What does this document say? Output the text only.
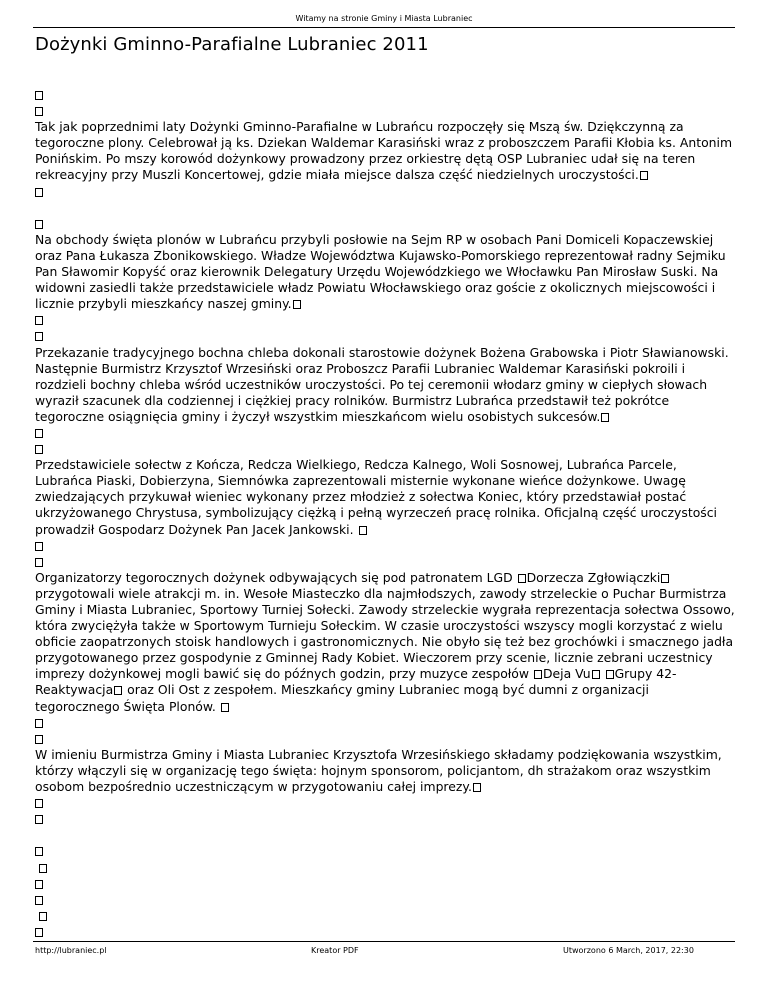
Witamy na stronie Gminy i Miasta Lubraniec
Dożynki Gminno-Parafialne Lubraniec 2011
Tak jak poprzednimi laty Dożynki Gminno-Parafialne w Lubrańcu rozpoczęły się Mszą św. Dziękczynną za tegoroczne plony. Celebrował ją ks. Dziekan Waldemar Karasiński wraz z proboszczem Parafii Kłobia ks. Antonim Ponińskim. Po mszy korowód dożynkowy prowadzony przez orkiestrę dętą OSP Lubraniec udał się na teren rekreacyjny przy Muszli Koncertowej, gdzie miała miejsce dalsza część niedzielnych uroczystości.
Na obchody święta plonów w Lubrańcu przybyli posłowie na Sejm RP w osobach Pani Domiceli Kopaczewskiej oraz Pana Łukasza Zbonikowskiego. Władze Województwa Kujawsko-Pomorskiego reprezentował radny Sejmiku Pan Sławomir Kopyść oraz kierownik Delegatury Urzędu Wojewódzkiego we Włocławku Pan Mirosław Suski. Na widowni zasiedli także przedstawiciele władz Powiatu Włocławskiego oraz goście z okolicznych miejscowości i licznie przybyli mieszkańcy naszej gminy.
Przekazanie tradycyjnego bochna chleba dokonali starostowie dożynek Bożena Grabowska i Piotr Sławianowski. Następnie Burmistrz Krzysztof Wrzesiński oraz Proboszcz Parafii Lubraniec Waldemar Karasiński pokroili i rozdzieli bochny chleba wśród uczestników uroczystości. Po tej ceremonii włodarz gminy w ciepłych słowach wyraził szacunek dla codziennej i ciężkiej pracy rolników. Burmistrz Lubrańca przedstawił też pokrótce tegoroczne osiągnięcia gminy i życzył wszystkim mieszkańcom wielu osobistych sukcesów.
Przedstawiciele sołectw z Kończa, Redcza Wielkiego, Redcza Kalnego, Woli Sosnowej, Lubrańca Parcele, Lubrańca Piaski, Dobierzyna, Siemnówka zaprezentowali misternie wykonane wieńce dożynkowe. Uwagę zwiedzających przykuwał wieniec wykonany przez młodzież z sołectwa Koniec, który przedstawiał postać ukrzyżowanego Chrystusa, symbolizujący ciężką i pełną wyrzeczeń pracę rolnika. Oficjalną część uroczystości prowadził Gospodarz Dożynek Pan Jacek Jankowski.
Organizatorzy tegorocznych dożynek odbywających się pod patronatem LGD Dorzecza Zgłowiączki przygotowali wiele atrakcji m. in. Wesołe Miasteczko dla najmłodszych, zawody strzeleckie o Puchar Burmistrza Gminy i Miasta Lubraniec, Sportowy Turniej Sołecki. Zawody strzeleckie wygrała reprezentacja sołectwa Ossowo, która zwyciężyła także w Sportowym Turnieju Sołeckim. W czasie uroczystości wszyscy mogli korzystać z wielu obficie zaopatrzonych stoisk handlowych i gastronomicznych. Nie obyło się też bez grochówki i smacznego jadła przygotowanego przez gospodynie z Gminnej Rady Kobiet. Wieczorem przy scenie, licznie zebrani uczestnicy imprezy dożynkowej mogli bawić się do późnych godzin, przy muzyce zespołów Deja Vu Grupy 42-Reaktywacja oraz Oli Ost z zespołem. Mieszkańcy gminy Lubraniec mogą być dumni z organizacji tegorocznego Święta Plonów.
W imieniu Burmistrza Gminy i Miasta Lubraniec Krzysztofa Wrzesińskiego składamy podziękowania wszystkim, którzy włączyli się w organizację tego święta: hojnym sponsorom, policjantom, dh strażakom oraz wszystkim osobom bezpośrednio uczestniczącym w przygotowaniu całej imprezy.
http://lubraniec.pl	Kreator PDF	Utworzono 6 March, 2017, 22:30
